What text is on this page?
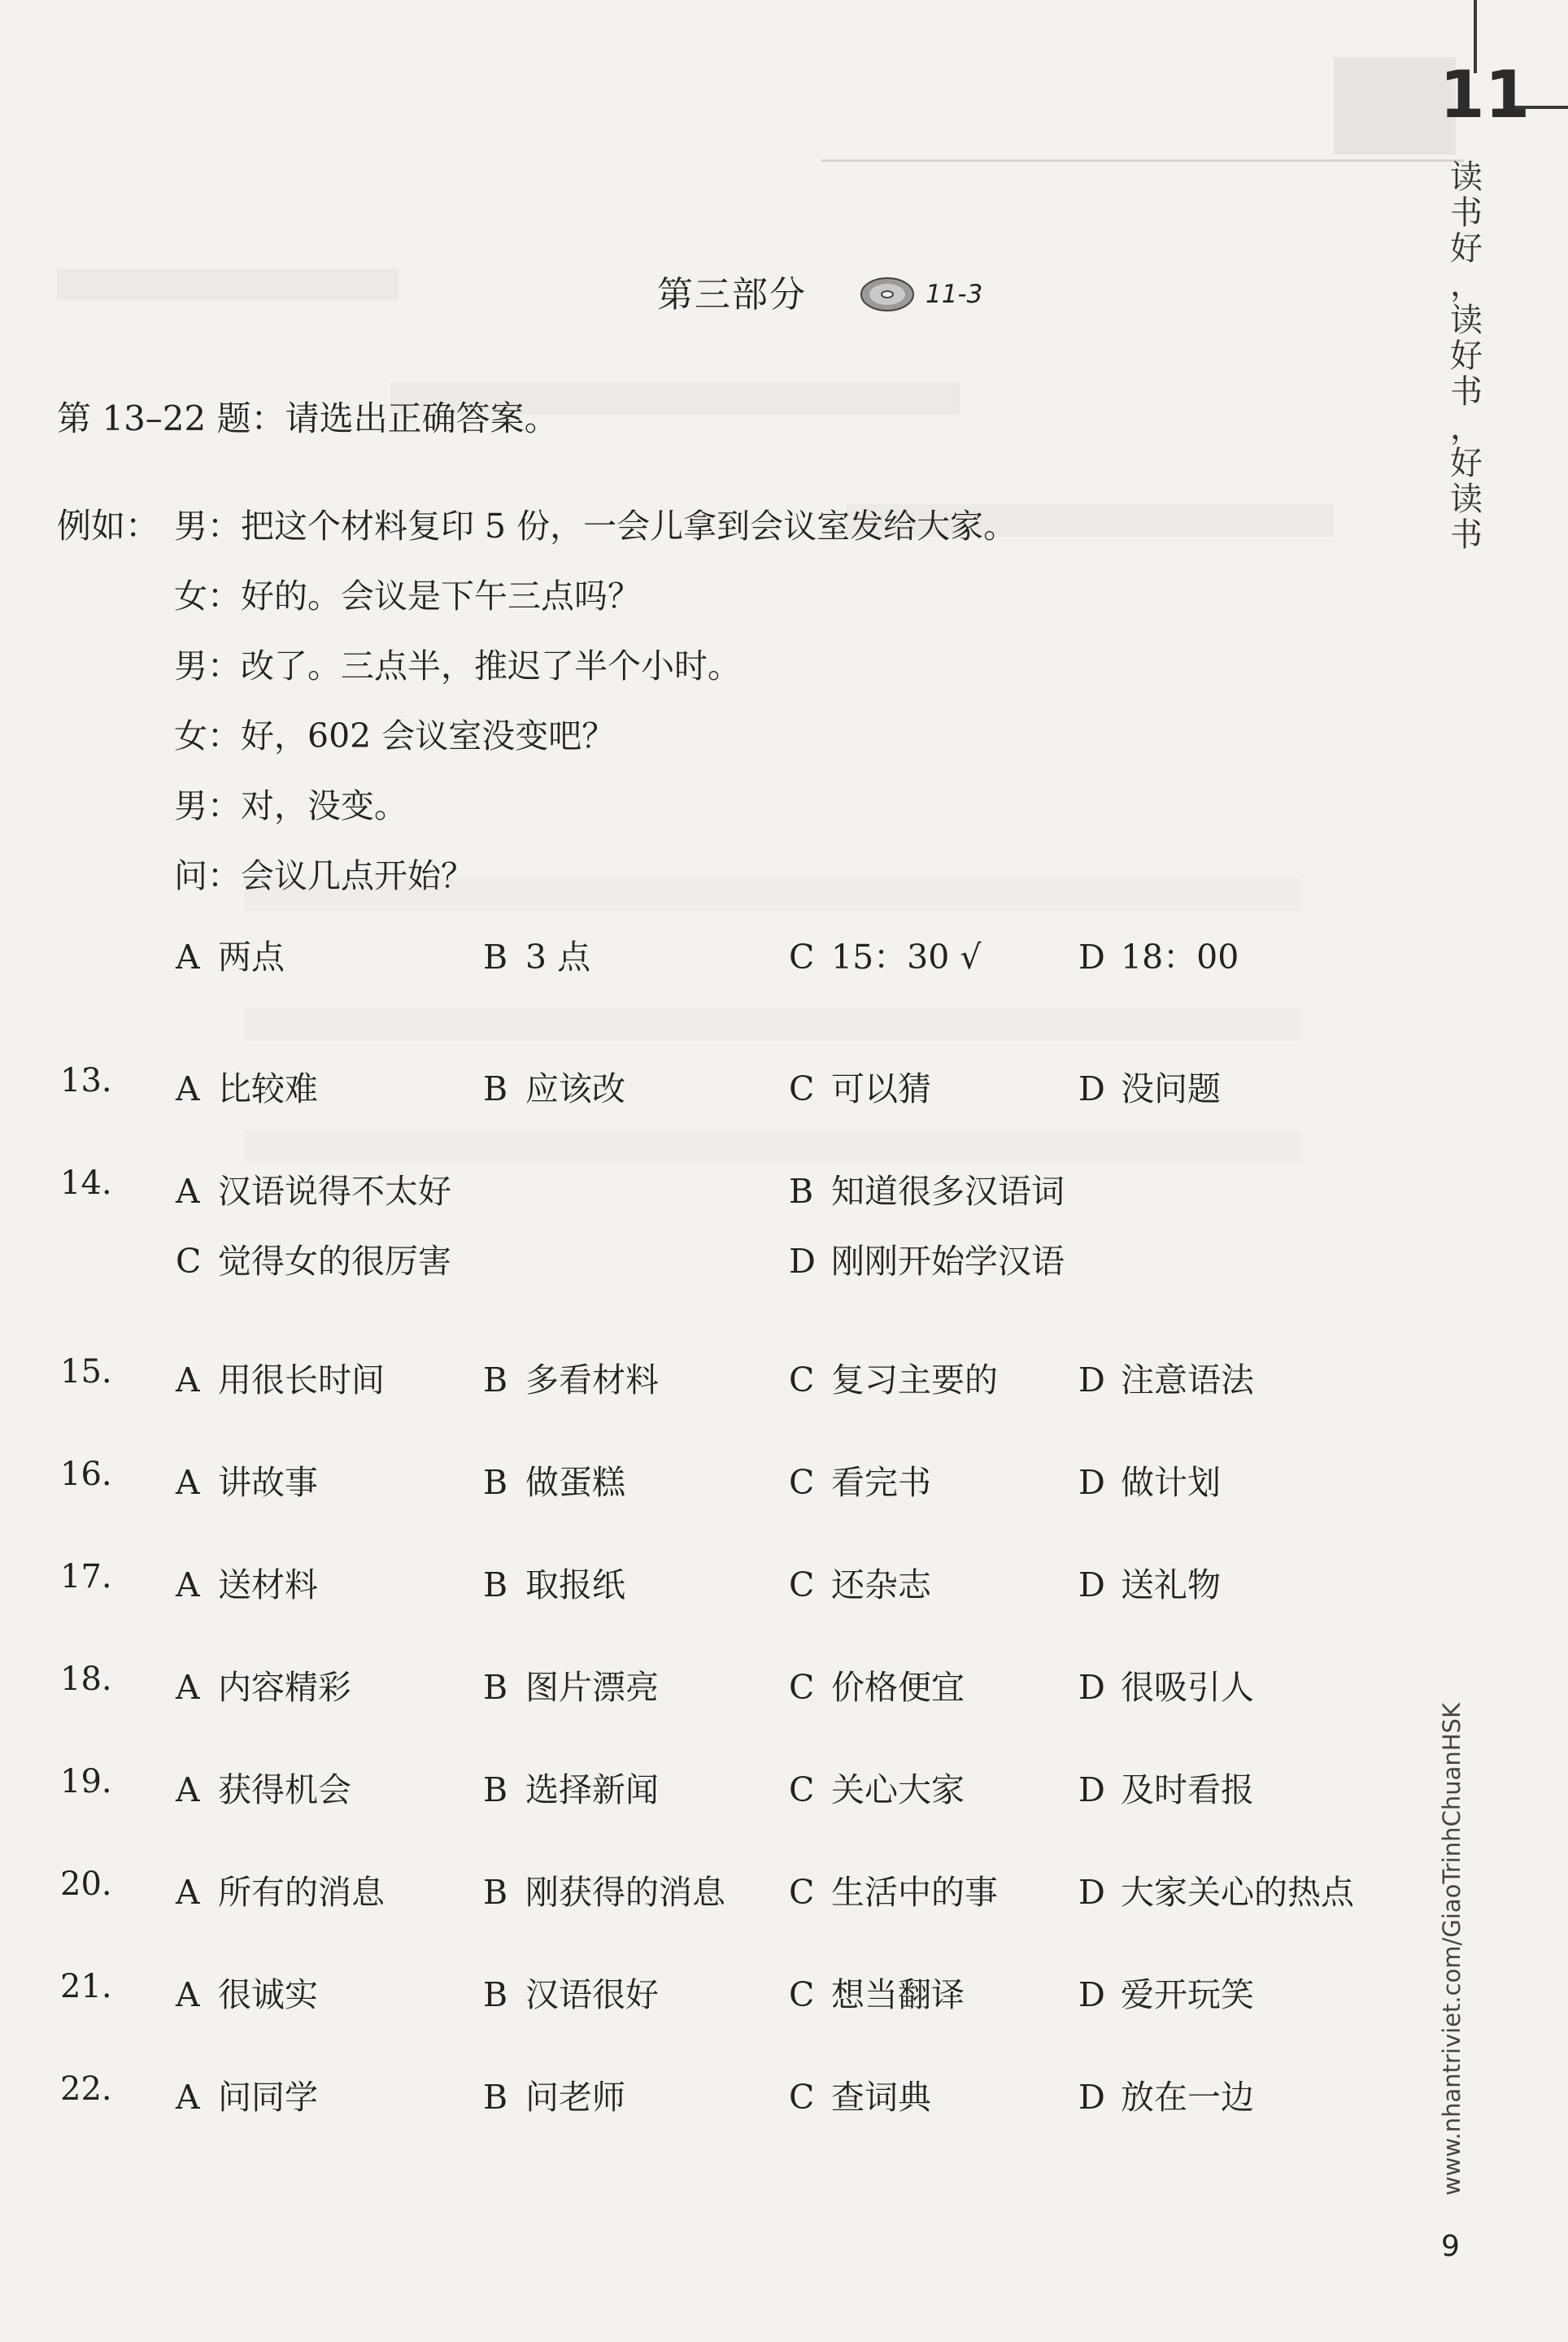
11
读
书
好
，
读
好
书
，
好
读
书
第三部分	11-3
第 13–22 题：请选出正确答案。
例如： 男：把这个材料复印 5 份，一会儿拿到会议室发给大家。
女：好的。会议是下午三点吗？
男：改了。三点半，推迟了半个小时。
女：好，602 会议室没变吧？
男：对，没变。
问：会议几点开始？
A 两点	B 3 点	C 15：30 √	D 18：00
13. A 比较难	B 应该改	C 可以猜	D 没问题
14. A 汉语说得不太好	B 知道很多汉语词
C 觉得女的很厉害	D 刚刚开始学汉语
15. A 用很长时间	B 多看材料	C 复习主要的 D 注意语法
16. A 讲故事	B 做蛋糕	C 看完书	D 做计划
17. A 送材料	B 取报纸	C 还杂志	D 送礼物
18. A 内容精彩	B 图片漂亮	C 价格便宜	D 很吸引人
19. A 获得机会	B 选择新闻	C 关心大家	D 及时看报
20. A 所有的消息	B 刚获得的消息 C 生活中的事 D 大家关心的热点
21. A 很诚实	B 汉语很好	C 想当翻译	D 爱开玩笑
22. A 问同学	B 问老师	C 查词典	D 放在一边	www.nhantriviet.com/GiaoTrinhChuanHSK
9
